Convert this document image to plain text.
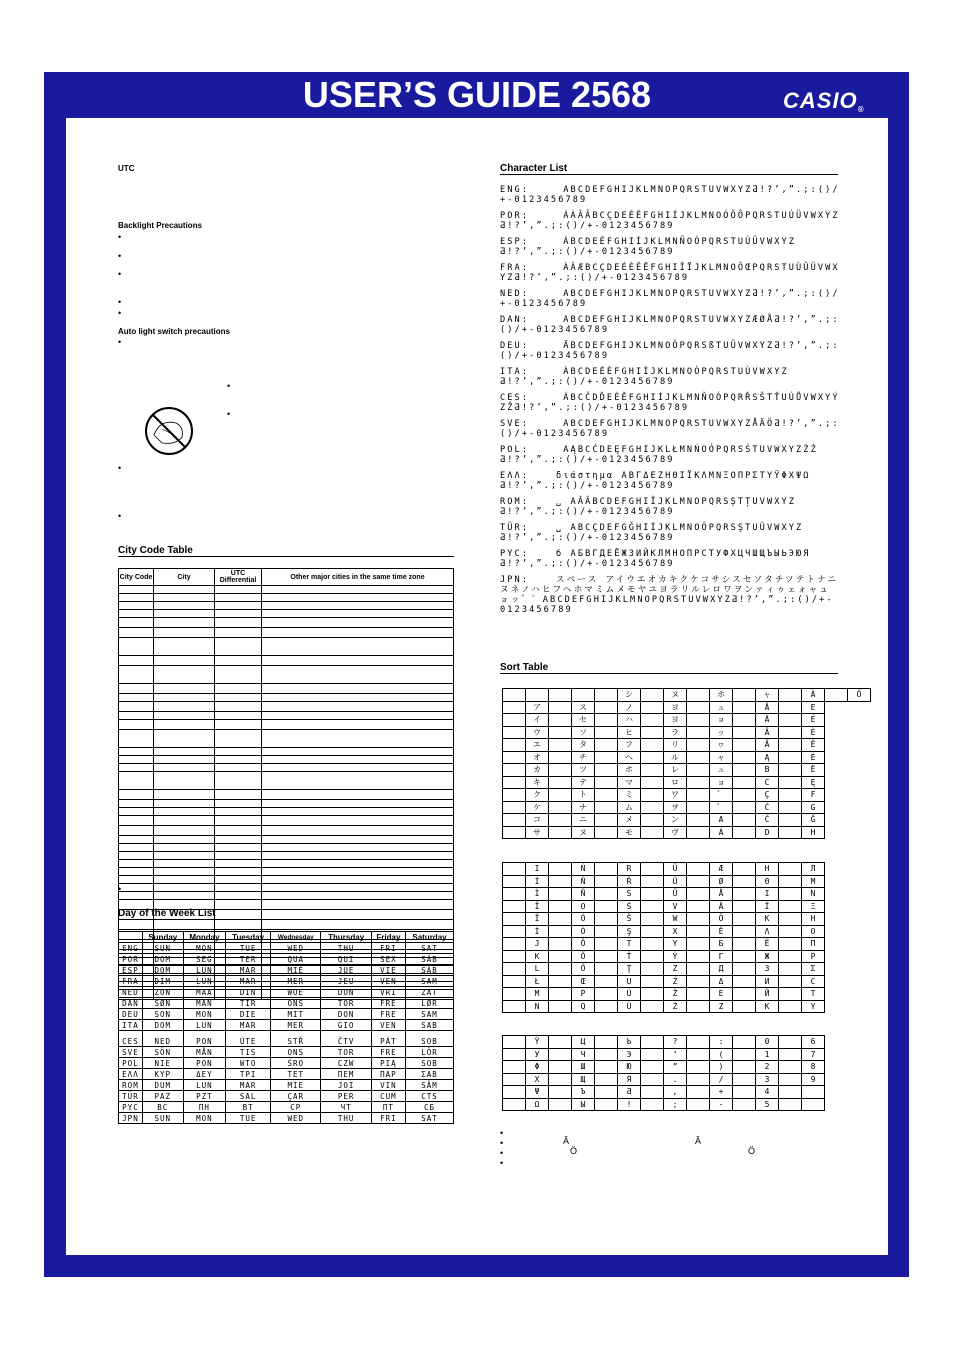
USER’S GUIDE 2568	CASIO®
UTC
Backlight Precautions
•
•
•
•
•
Auto light switch precautions
•
•
•
•
•
City Code Table
City Code	City	UTC Differential	Other major cities in the same time zone

•
Day of the Week List
	Sunday	Monday	Tuesday	Wednesday	Thursday	Friday	Saturday
ENG	SUN	MON	TUE	WED	THU	FRI	SAT
POR	DOM	SEG	TER	QUA	QUI	SEX	SÁB
ESP	DOM	LUN	MAR	MIÉ	JUE	VIE	SÁB
FRA	DIM	LUN	MAR	MER	JEU	VEN	SAM
NED	ZON	MAA	DIN	WOE	DON	VRI	ZAT
DAN	SØN	MAN	TIR	ONS	TOR	FRE	LØR
DEU	SON	MON	DIE	MIT	DON	FRE	SAM
ITA	DOM	LUN	MAR	MER	GIO	VEN	SAB
CES	NED	PON	ÚTE	STŘ	ČTV	PÁT	SOB
SVE	SÖN	MÅN	TIS	ONS	TOR	FRE	LÖR
POL	NIE	PON	WTO	ŚRO	CZW	PIĄ	SOB
EΛΛ	KYP	ΔEY	TPI	TET	ΠEM	ΠAP	ΣAB
ROM	DUM	LUN	MAR	MIE	JOI	VIN	SÂM
TÜR	PAZ	PZT	SAL	ÇAR	PER	CUM	CTS
PYC	BC	ПН	BT	CP	ЧT	ПT	CБ
JPN	SUN	MON	TUE	WED	THU	FRI	SAT
Character List
ENG:	ABCDEFGHIJKLMNOPQRSTUVWXYZƋ!?’,”.;:()/+-0123456789
POR:	ÁÀÂÃBCÇDEÉÊFGHIÍJKLMNOÓÕÔPQRSTUÚÜVWXYZƋ!?’,”.;:()/+-0123456789
ESP:	ÁBCDEÉFGHIÍJKLMNÑOÓPQRSTUÚÜVWXYZƋ!?’,”.;:()/+-0123456789
FRA:	ÀÂÆBCÇDEÉÈÊËFGHIÎÏJKLMNOÔŒPQRSTUÙÛÜVWXYZƋ!?’,”.;:()/+-0123456789
NED:	ABCDEFGHIJKLMNOPQRSTUVWXYZƋ!?’,”.;:()/+-0123456789
DAN:	ABCDEFGHIJKLMNOPQRSTUVWXYZÆØÅƋ!?’,”.;:()/+-0123456789
DEU:	ÄBCDEFGHIJKLMNOÖPQRSßTUÜVWXYZƋ!?’,”.;:()/+-0123456789
ITA:	ÀBCDEÉÈFGHIÌJKLMNOÒPQRSTUÙVWXYZƋ!?’,”.;:()/+-0123456789
CES:	ÁBCČDĎEÉĚFGHIÍJKLMNŇOÓPQRŘSŠTŤUÚŮVWXYÝZŽƋ!?’,”.;:()/+-0123456789
SVE:	ABCDEFGHIJKLMNOPQRSTUVWXYZÅÄÖƋ!?’,”.;:()/+-0123456789
POL:	AĄBCĆDEĘFGHIJKLŁMNŃOÓPQRSŚTUVWXYZŹŻƋ!?’,”.;:()/+-0123456789
EΛΛ:	διάστημα ABΓΔEZHΘIÏKΛMNΞOΠPΣTYŸΦXΨΩƋ!?’,”.;:()/+-0123456789
ROM:	␣ AĂÂBCDEFGHIÎJKLMNOPQRSȘTȚUVWXYZƋ!?’,”.;:()/+-0123456789
TÜR:	␣ ABCÇDEFGĞHIİJKLMNOÖPQRSŞTUÜVWXYZƋ!?’,”.;:()/+-0123456789
PYC:	б AБВГДЕЁЖЗИЙКЛМНОПРСТУФХЦЧШЩЪЫЬЭЮЯƋ!?’,”.;:()/+-0123456789
JPN:	スペース アイウエオカキクケコサシスセソタチツテトナニヌネノハヒフヘホマミムメモヤユヨラリルレロワヲンァィゥェォャュョッ゛゜ABCDEFGHIJKLMNOPQRSTUVWXYZƋ!?’,”.;:()/+-0123456789
Sort Table
					シ		ヌ		ホ		ャ		À		Ő
	ア		ス		ノ		ヨ		ュ		Ă		E		
	イ		セ		ハ		ヨ		ョ		Ä		É		
	ウ		ソ		ヒ		ラ		ッ		Â		È		
	エ		タ		フ		リ		ヮ		Ã		Ê		
	オ		チ		ヘ		ル		ャ		Ą		Ė		
	カ		ツ		ホ		レ		ュ		B		Ë		
	キ		テ		マ		ロ		ョ		C		Ę		
	ク		ト		ミ		ワ		゛		Ç		F		
	ケ		ナ		ム		ヲ		゜		Ć		G		
	コ		ニ		メ		ン		A		Č		Ğ		
	サ		ヌ		モ		ヴ		Á		D		H		
	I		Ń		R		Ü		Æ		H		Л
	Í		Ň		Ř		Ü		Ø		Θ		M
	Ì		Ñ		S		Ű		Å		I		N
	Î		O		Ś		V		Ä		Ï		Ξ
	Ï		Ó		Š		W		Ö		K		H
	İ		Ò		Ş		X		Ë		Λ		O
	J		Ô		T		Y		Б		Ë		П
	K		Õ		Ť		Ý		Г		Ж		P
	L		Ö		Ţ		Z		Д		З		Σ
	Ł		Œ		U		Ź		Δ		И		C
	M		P		Ú		Ž		Ε		Й		T
	N		Q		Ù		Ż		Z		K		Y
	Ÿ		Ц		Ь		?		:		0		6
	У		Ч		Э		’		(		1		7
	Φ		Ш		Ю		”		)		2		8
	X		Щ		Я		.		/		3		9
	Ψ		Ъ		Ƌ		,		+		4		
	Ω		Ы		!		;		-		5		
•
•
•
•
Ă	Ă
Ö	Ö
